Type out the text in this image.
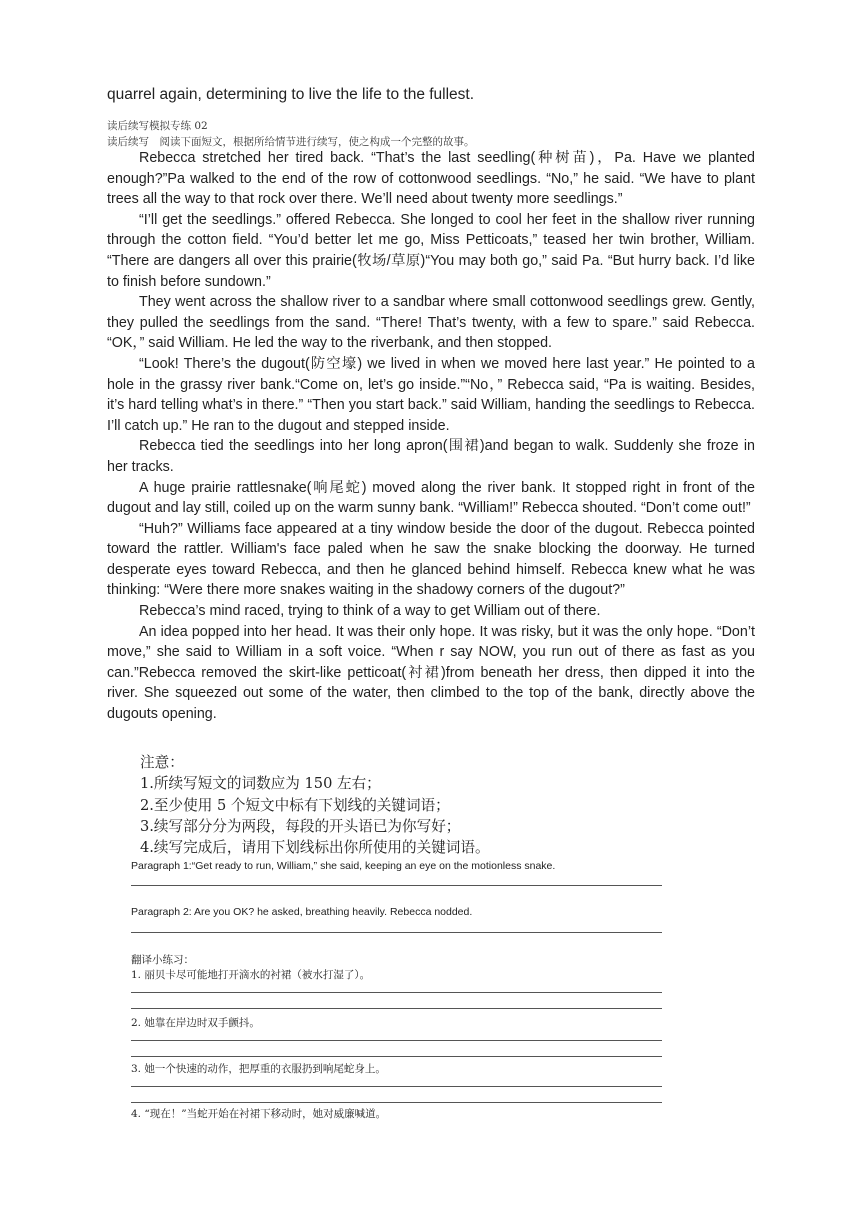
quarrel again, determining to live the life to the fullest.
读后续写模拟专练 02
读后续写　阅读下面短文，根据所给情节进行续写，使之构成一个完整的故事。

Rebecca stretched her tired back. “That’s the last seedling(种树苗)，Pa. Have we planted enough?”Pa walked to the end of the row of cottonwood seedlings. “No,” he said. “We have to plant trees all the way to that rock over there. We’ll need about twenty more seedlings.”

“I’ll get the seedlings.” offered Rebecca. She longed to cool her feet in the shallow river running through the cotton field. “You’d better let me go, Miss Petticoats,” teased her twin brother, William. “There are dangers all over this prairie(牧场/草原)“You may both go,” said Pa. “But hurry back. I’d like to finish before sundown.”

They went across the shallow river to a sandbar where small cottonwood seedlings grew. Gently, they pulled the seedlings from the sand. “There! That’s twenty, with a few to spare.” said Rebecca. “OK，” said William. He led the way to the riverbank, and then stopped.

“Look! There’s the dugout(防空壕) we lived in when we moved here last year.” He pointed to a hole in the grassy river bank.“Come on, let’s go inside.”“No，” Rebecca said, “Pa is waiting. Besides, it’s hard telling what’s in there.” “Then you start back.” said William, handing the seedlings to Rebecca. I’ll catch up.” He ran to the dugout and stepped inside.

Rebecca tied the seedlings into her long apron(围裙)and began to walk. Suddenly she froze in her tracks.

A huge prairie rattlesnake(响尾蛇) moved along the river bank. It stopped right in front of the dugout and lay still, coiled up on the warm sunny bank. “William!” Rebecca shouted. “Don’t come out!”

“Huh?” Williams face appeared at a tiny window beside the door of the dugout. Rebecca pointed toward the rattler. William's face paled when he saw the snake blocking the doorway. He turned desperate eyes toward Rebecca, and then he glanced behind himself. Rebecca knew what he was thinking: “Were there more snakes waiting in the shadowy corners of the dugout?”

Rebecca’s mind raced, trying to think of a way to get William out of there.

An idea popped into her head. It was their only hope. It was risky, but it was the only hope. “Don’t move,” she said to William in a soft voice. “When r say NOW, you run out of there as fast as you can.”Rebecca removed the skirt-like petticoat(衬裙)from beneath her dress, then dipped it into the river. She squeezed out some of the water, then climbed to the top of the bank, directly above the dugouts opening.

注意：
1.所续写短文的词数应为 150 左右；
2.至少使用 5 个短文中标有下划线的关键词语；
3.续写部分分为两段，每段的开头语已为你写好；
4.续写完成后，请用下划线标出你所使用的关键词语。
Paragraph 1:“Get ready to run, William,” she said, keeping an eye on the motionless snake.
Paragraph 2: Are you OK? he asked, breathing heavily. Rebecca nodded.
翻译小练习：
1. 丽贝卡尽可能地打开滴水的衬裙（被水打湿了）。
2. 她靠在岸边时双手颤抖。
3. 她一个快速的动作，把厚重的衣服扔到响尾蛇身上。
4. “现在！”当蛇开始在衬裙下移动时，她对威廉喊道。
